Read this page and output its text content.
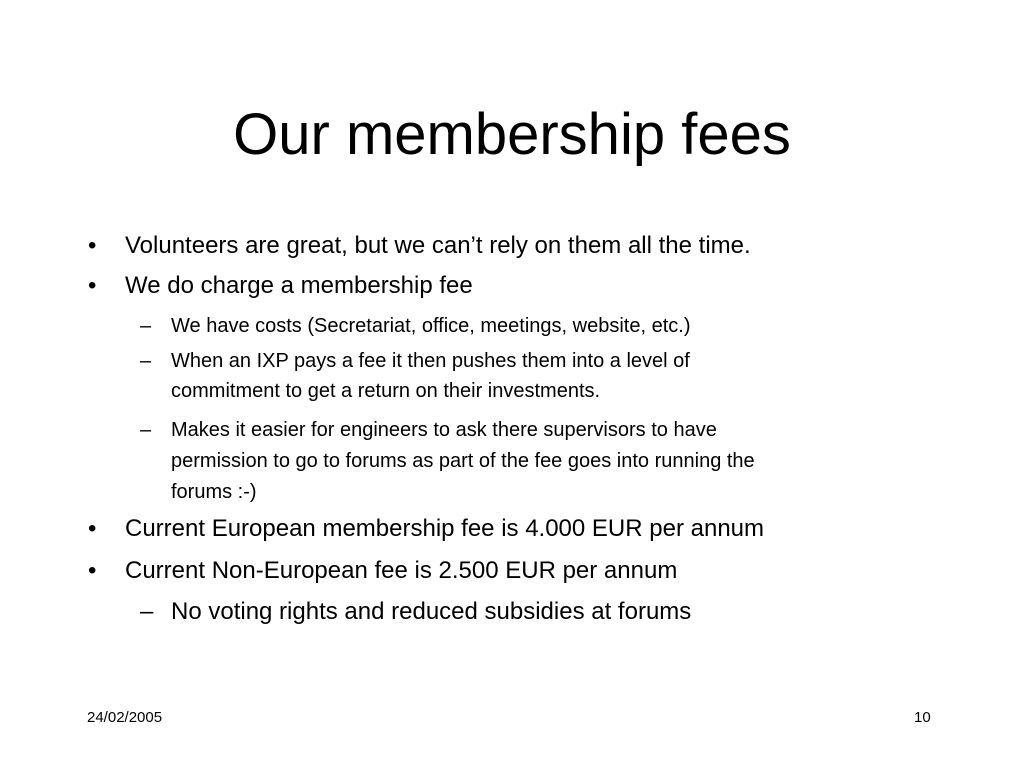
Our membership fees
• Volunteers are great, but we can’t rely on them all the time.
• We do charge a membership fee
– We have costs (Secretariat, office, meetings, website, etc.)
– When an IXP pays a fee it then pushes them into a level of
commitment to get a return on their investments.
– Makes it easier for engineers to ask there supervisors to have
permission to go to forums as part of the fee goes into running the
forums :-)
• Current European membership fee is 4.000 EUR per annum
• Current Non-European fee is 2.500 EUR per annum
– No voting rights and reduced subsidies at forums
24/02/2005	10
